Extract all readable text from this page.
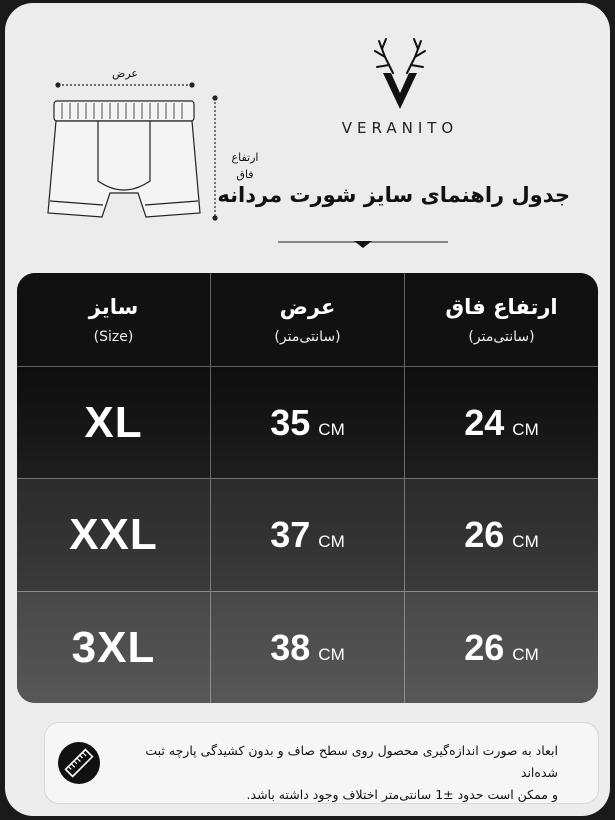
VERANITO
عرض
ارتفاع
فاق
جدول راهنمای سایز شورت مردانه
ارتفاع فاق
(سانتی‌متر)
عرض
(سانتی‌متر)
سایز
(Size)
24 CM
35 CM
XL
26 CM
37 CM
XXL
26 CM
38 CM
3XL
ابعاد به صورت اندازه‌گیری محصول روی سطح صاف و بدون کشیدگی پارچه ثبت شده‌اند
و ممکن است حدود ±1 سانتی‌متر اختلاف وجود داشته باشد.
